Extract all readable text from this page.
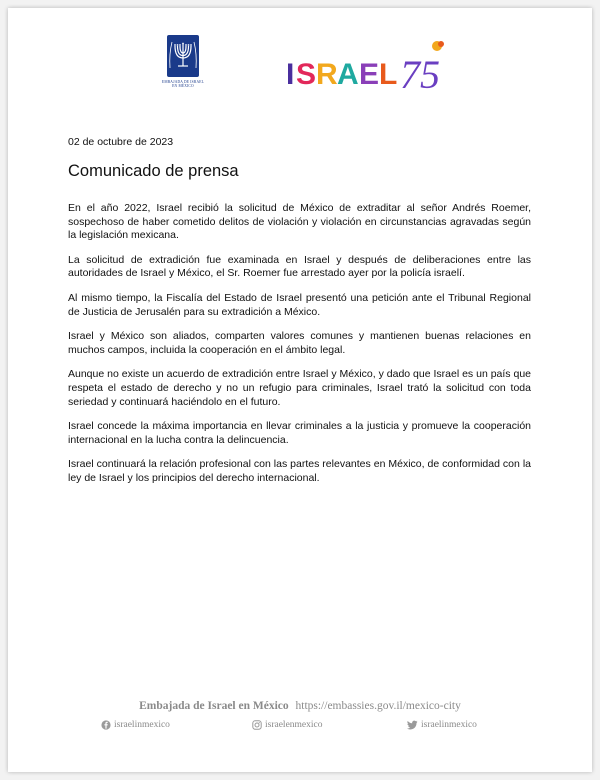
EMBAJADA DE ISRAEL
EN MÉXICO	I S R A E L 75
02 de octubre de 2023
Comunicado de prensa

En el año 2022, Israel recibió la solicitud de México de extraditar al señor Andrés Roemer, sospechoso de haber cometido delitos de violación y violación en circunstancias agravadas según la legislación mexicana.

La solicitud de extradición fue examinada en Israel y después de deliberaciones entre las autoridades de Israel y México, el Sr. Roemer fue arrestado ayer por la policía israelí.

Al mismo tiempo, la Fiscalía del Estado de Israel presentó una petición ante el Tribunal Regional de Justicia de Jerusalén para su extradición a México.

Israel y México son aliados, comparten valores comunes y mantienen buenas relaciones en muchos campos, incluida la cooperación en el ámbito legal.

Aunque no existe un acuerdo de extradición entre Israel y México, y dado que Israel es un país que respeta el estado de derecho y no un refugio para criminales, Israel trató la solicitud con toda seriedad y continuará haciéndolo en el futuro.

Israel concede la máxima importancia en llevar criminales a la justicia y promueve la cooperación internacional en la lucha contra la delincuencia.

Israel continuará la relación profesional con las partes relevantes en México, de conformidad con la ley de Israel y los principios del derecho internacional.

Embajada de Israel en México https://embassies.gov.il/mexico-city
israelinmexico	israelenmexico	israelinmexico
